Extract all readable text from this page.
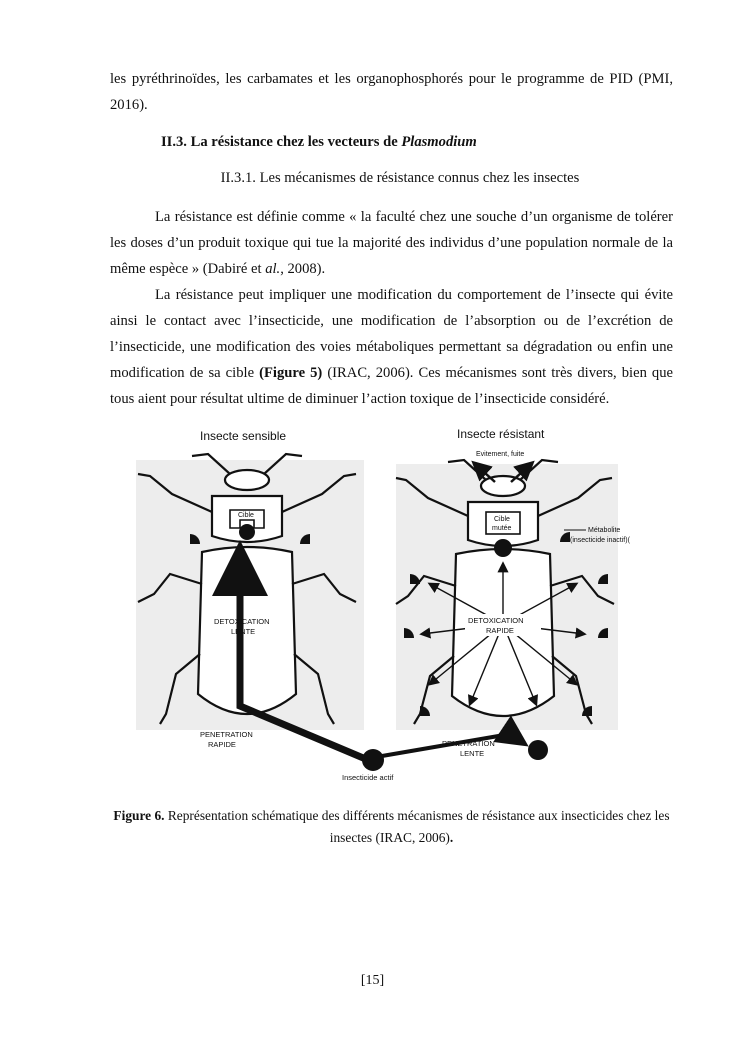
les pyréthrinoïdes, les carbamates et les organophosphorés pour le programme de PID (PMI, 2016).

II.3. La résistance chez les vecteurs de Plasmodium

II.3.1. Les mécanismes de résistance connus chez les insectes

La résistance est définie comme « la faculté chez une souche d’un organisme de tolérer les doses d’un produit toxique qui tue la majorité des individus d’une population normale de la même espèce » (Dabiré et al., 2008).

La résistance peut impliquer une modification du comportement de l’insecte qui évite ainsi le contact avec l’insecticide, une modification de l’absorption ou de l’excrétion de l’insecticide, une modification des voies métaboliques permettant sa dégradation ou enfin une modification de sa cible (Figure 5) (IRAC, 2006). Ces mécanismes sont très divers, bien que tous aient pour résultat ultime de diminuer l’action toxique de l’insecticide considéré.

Insecte sensible	Insecte résistant
Cible
DETOXICATION
LENTE
Evitement, fuite
Cible
mutée	Métabolite
(insecticide inactif)(
DETOXICATION
RAPIDE
PENETRATION
RAPIDE	PENETRATION
LENTE
Insecticide actif

Figure 6. Représentation schématique des différents mécanismes de résistance aux insecticides chez les insectes (IRAC, 2006).

[15]
